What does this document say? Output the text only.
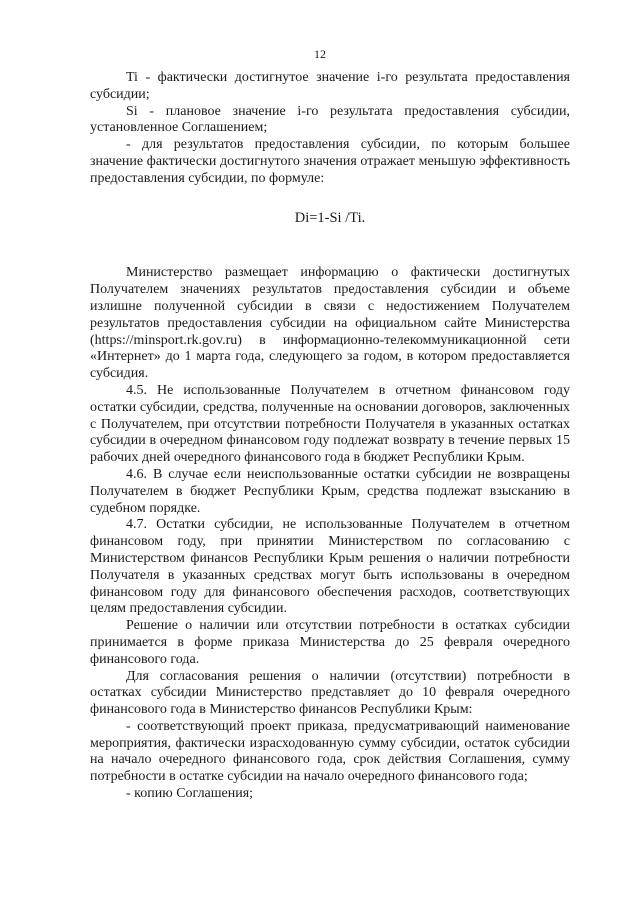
12

Ti - фактически достигнутое значение i-го результата предоставления субсидии;

Si - плановое значение i-го результата предоставления субсидии, установленное Соглашением;

- для результатов предоставления субсидии, по которым большее значение фактически достигнутого значения отражает меньшую эффективность предоставления субсидии, по формуле:

Di=1-Si /Ti.

Министерство размещает информацию о фактически достигнутых Получателем значениях результатов предоставления субсидии и объеме излишне полученной субсидии в связи с недостижением Получателем результатов предоставления субсидии на официальном сайте Министерства (https://minsport.rk.gov.ru) в информационно-телекоммуникационной сети «Интернет» до 1 марта года, следующего за годом, в котором предоставляется субсидия.

4.5. Не использованные Получателем в отчетном финансовом году остатки субсидии, средства, полученные на основании договоров, заключенных с Получателем, при отсутствии потребности Получателя в указанных остатках субсидии в очередном финансовом году подлежат возврату в течение первых 15 рабочих дней очередного финансового года в бюджет Республики Крым.

4.6. В случае если неиспользованные остатки субсидии не возвращены Получателем в бюджет Республики Крым, средства подлежат взысканию в судебном порядке.

4.7. Остатки субсидии, не использованные Получателем в отчетном финансовом году, при принятии Министерством по согласованию с Министерством финансов Республики Крым решения о наличии потребности Получателя в указанных средствах могут быть использованы в очередном финансовом году для финансового обеспечения расходов, соответствующих целям предоставления субсидии.

Решение о наличии или отсутствии потребности в остатках субсидии принимается в форме приказа Министерства до 25 февраля очередного финансового года.

Для согласования решения о наличии (отсутствии) потребности в остатках субсидии Министерство представляет до 10 февраля очередного финансового года в Министерство финансов Республики Крым:

- соответствующий проект приказа, предусматривающий наименование мероприятия, фактически израсходованную сумму субсидии, остаток субсидии на начало очередного финансового года, срок действия Соглашения, сумму потребности в остатке субсидии на начало очередного финансового года;

- копию Соглашения;
